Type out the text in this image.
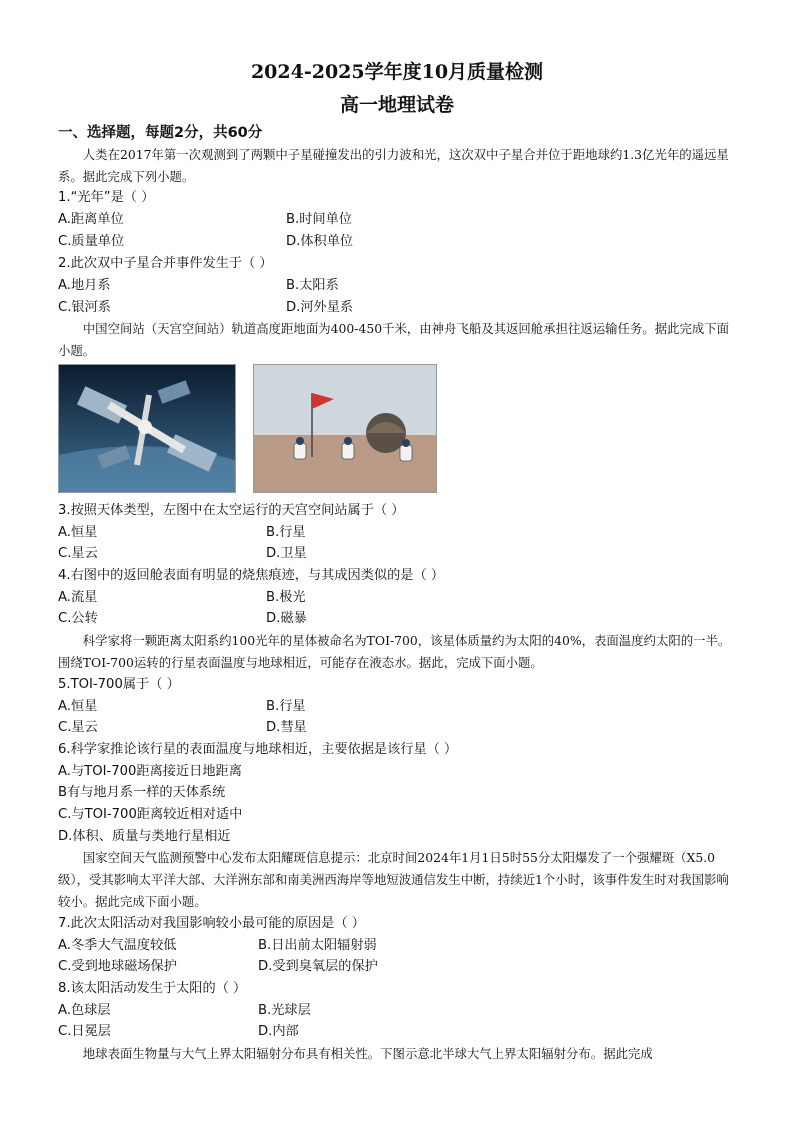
2024-2025学年度10月质量检测
高一地理试卷
一、选择题，每题2分，共60分
人类在2017年第一次观测到了两颗中子星碰撞发出的引力波和光，这次双中子星合并位于距地球约1.3亿光年的遥远星系。据此完成下列小题。
1.“光年”是（ ）
A.距离单位	B.时间单位
C.质量单位	D.体积单位
2.此次双中子星合并事件发生于（ ）
A.地月系	B.太阳系
C.银河系	D.河外星系
中国空间站（天宫空间站）轨道高度距地面为400-450千米，由神舟飞船及其返回舱承担往返运输任务。据此完成下面小题。
3.按照天体类型，左图中在太空运行的天宫空间站属于（ ）
A.恒星	B.行星
C.星云	D.卫星
4.右图中的返回舱表面有明显的烧焦痕迹，与其成因类似的是（ ）
A.流星	B.极光
C.公转	D.磁暴
科学家将一颗距离太阳系约100光年的星体被命名为TOI-700，该星体质量约为太阳的40%，表面温度约太阳的一半。围绕TOI-700运转的行星表面温度与地球相近，可能存在液态水。据此，完成下面小题。
5.TOI-700属于（ ）
A.恒星	B.行星
C.星云	D.彗星
6.科学家推论该行星的表面温度与地球相近，主要依据是该行星（ ）
A.与TOI-700距离接近日地距离
B有与地月系一样的天体系统
C.与TOI-700距离较近相对适中
D.体积、质量与类地行星相近
国家空间天气监测预警中心发布太阳耀斑信息提示：北京时间2024年1月1日5时55分太阳爆发了一个强耀斑（X5.0级），受其影响太平洋大部、大洋洲东部和南美洲西海岸等地短波通信发生中断，持续近1个小时，该事件发生时对我国影响较小。据此完成下面小题。
7.此次太阳活动对我国影响较小最可能的原因是（ ）
A.冬季大气温度较低	B.日出前太阳辐射弱
C.受到地球磁场保护	D.受到臭氧层的保护
8.该太阳活动发生于太阳的（ ）
A.色球层	B.光球层
C.日冕层	D.内部
地球表面生物量与大气上界太阳辐射分布具有相关性。下图示意北半球大气上界太阳辐射分布。据此完成
